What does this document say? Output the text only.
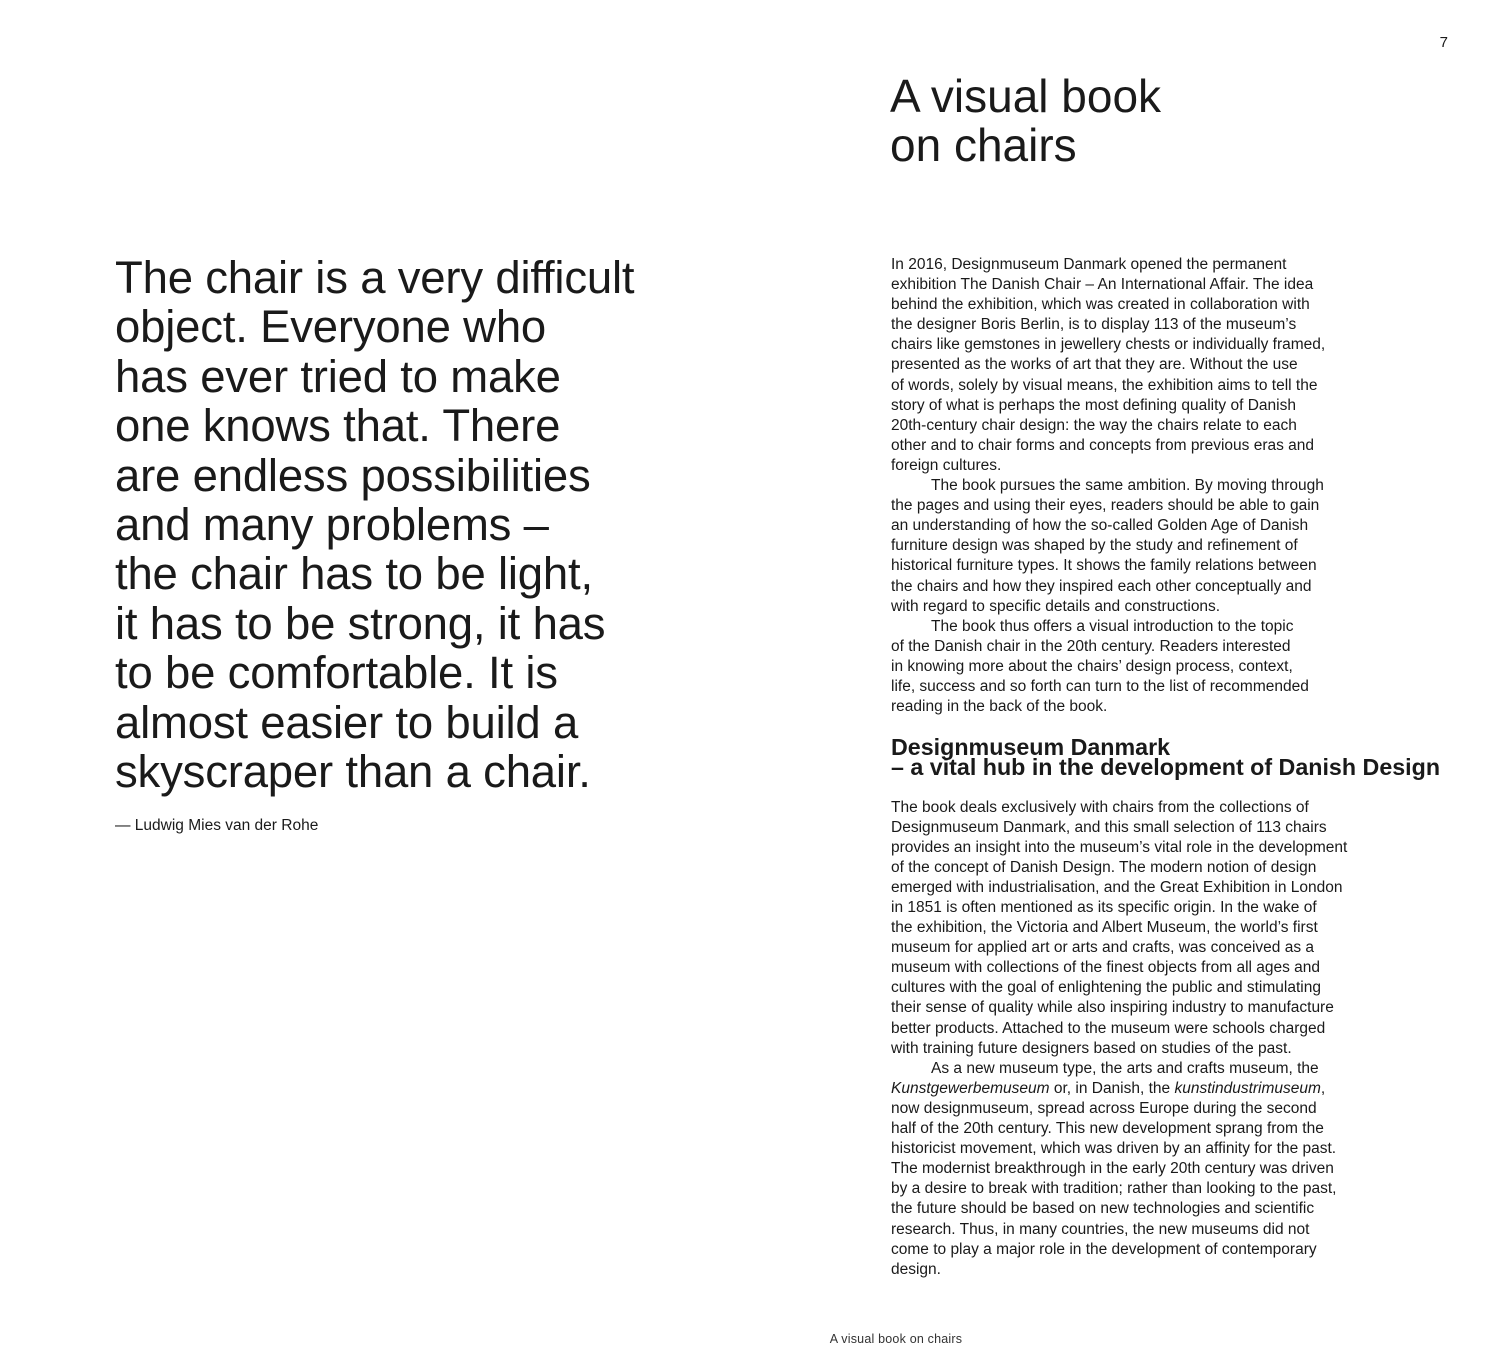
7
A visual book
on chairs
The chair is a very difficult
object. Everyone who
has ever tried to make
one knows that. There
are endless possibilities
and many problems –
the chair has to be light,
it has to be strong, it has
to be comfortable. It is
almost easier to build a
skyscraper than a chair.
— Ludwig Mies van der Rohe

In 2016, Designmuseum Danmark opened the permanent
exhibition The Danish Chair – An International Affair. The idea
behind the exhibition, which was created in collaboration with
the designer Boris Berlin, is to display 113 of the museum’s
chairs like gemstones in jewellery chests or individually framed,
presented as the works of art that they are. Without the use
of words, solely by visual means, the exhibition aims to tell the
story of what is perhaps the most defining quality of Danish
20th-century chair design: the way the chairs relate to each
other and to chair forms and concepts from previous eras and
foreign cultures.

The book pursues the same ambition. By moving through
the pages and using their eyes, readers should be able to gain
an understanding of how the so-called Golden Age of Danish
furniture design was shaped by the study and refinement of
historical furniture types. It shows the family relations between
the chairs and how they inspired each other conceptually and
with regard to specific details and constructions.

The book thus offers a visual introduction to the topic
of the Danish chair in the 20th century. Readers interested
in knowing more about the chairs’ design process, context,
life, success and so forth can turn to the list of recommended
reading in the back of the book.

Designmuseum Danmark
– a vital hub in the development of Danish Design

The book deals exclusively with chairs from the collections of
Designmuseum Danmark, and this small selection of 113 chairs
provides an insight into the museum’s vital role in the development
of the concept of Danish Design. The modern notion of design
emerged with industrialisation, and the Great Exhibition in London
in 1851 is often mentioned as its specific origin. In the wake of
the exhibition, the Victoria and Albert Museum, the world’s first
museum for applied art or arts and crafts, was conceived as a
museum with collections of the finest objects from all ages and
cultures with the goal of enlightening the public and stimulating
their sense of quality while also inspiring industry to manufacture
better products. Attached to the museum were schools charged
with training future designers based on studies of the past.

As a new museum type, the arts and crafts museum, the
Kunstgewerbemuseum or, in Danish, the kunstindustrimuseum,
now designmuseum, spread across Europe during the second
half of the 20th century. This new development sprang from the
historicist movement, which was driven by an affinity for the past.
The modernist breakthrough in the early 20th century was driven
by a desire to break with tradition; rather than looking to the past,
the future should be based on new technologies and scientific
research. Thus, in many countries, the new museums did not
come to play a major role in the development of contemporary
design.

A visual book on chairs
